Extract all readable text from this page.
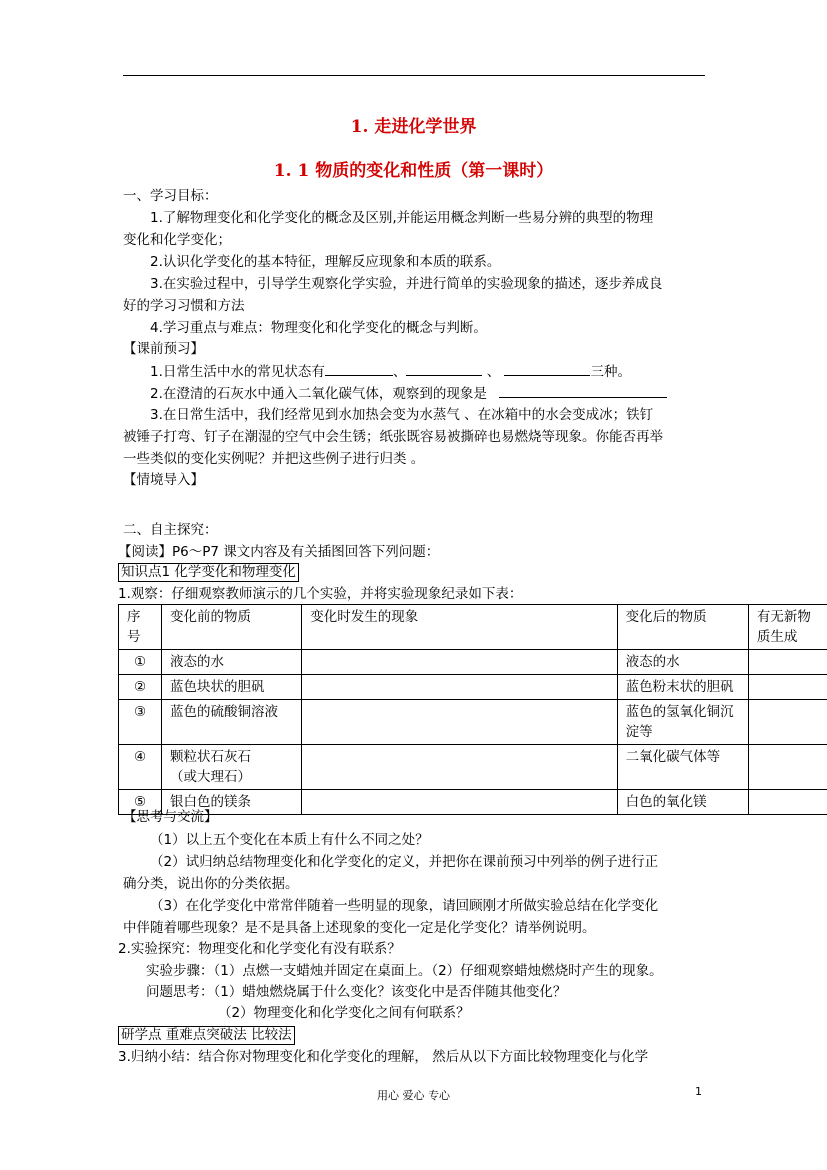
1. 走进化学世界
1. 1 物质的变化和性质（第一课时）
一、学习目标：
1.了解物理变化和化学变化的概念及区别,并能运用概念判断一些易分辨的典型的物理
变化和化学变化；
2.认识化学变化的基本特征，理解反应现象和本质的联系。
3.在实验过程中，引导学生观察化学实验，并进行简单的实验现象的描述，逐步养成良
好的学习习惯和方法
4.学习重点与难点：物理变化和化学变化的概念与判断。
【课前预习】
1.日常生活中水的常见状态有	、	、	三种。
2.在澄清的石灰水中通入二氧化碳气体，观察到的现象是
3.在日常生活中，我们经常见到水加热会变为水蒸气 、在冰箱中的水会变成冰；铁钉
被锤子打弯、钉子在潮湿的空气中会生锈；纸张既容易被撕碎也易燃烧等现象。你能否再举
一些类似的变化实例呢？并把这些例子进行归类 。
【情境导入】
二、自主探究：
【阅读】P6～P7 课文内容及有关插图回答下列问题：
知识点1 化学变化和物理变化
1.观察：仔细观察教师演示的几个实验，并将实验现象纪录如下表：
序号	变化前的物质	变化时发生的现象	变化后的物质	有无新物质生成
①	液态的水		液态的水	
②	蓝色块状的胆矾		蓝色粉末状的胆矾	
③	蓝色的硫酸铜溶液		蓝色的氢氧化铜沉
淀等	

④	颗粒状石灰石
（或大理石）		二氧化碳气体等	
⑤	银白色的镁条		白色的氧化镁	
【思考与交流】
（1）以上五个变化在本质上有什么不同之处？
（2）试归纳总结物理变化和化学变化的定义，并把你在课前预习中列举的例子进行正
确分类，说出你的分类依据。
（3）在化学变化中常常伴随着一些明显的现象，请回顾刚才所做实验总结在化学变化
中伴随着哪些现象？是不是具备上述现象的变化一定是化学变化？请举例说明。
2.实验探究：物理变化和化学变化有没有联系？
实验步骤：（1）点燃一支蜡烛并固定在桌面上。（2）仔细观察蜡烛燃烧时产生的现象。
问题思考：（1）蜡烛燃烧属于什么变化？该变化中是否伴随其他变化？
（2）物理变化和化学变化之间有何联系？
研学点 重难点突破法 比较法
3.归纳小结：结合你对物理变化和化学变化的理解， 然后从以下方面比较物理变化与化学
用心 爱心 专心	1
